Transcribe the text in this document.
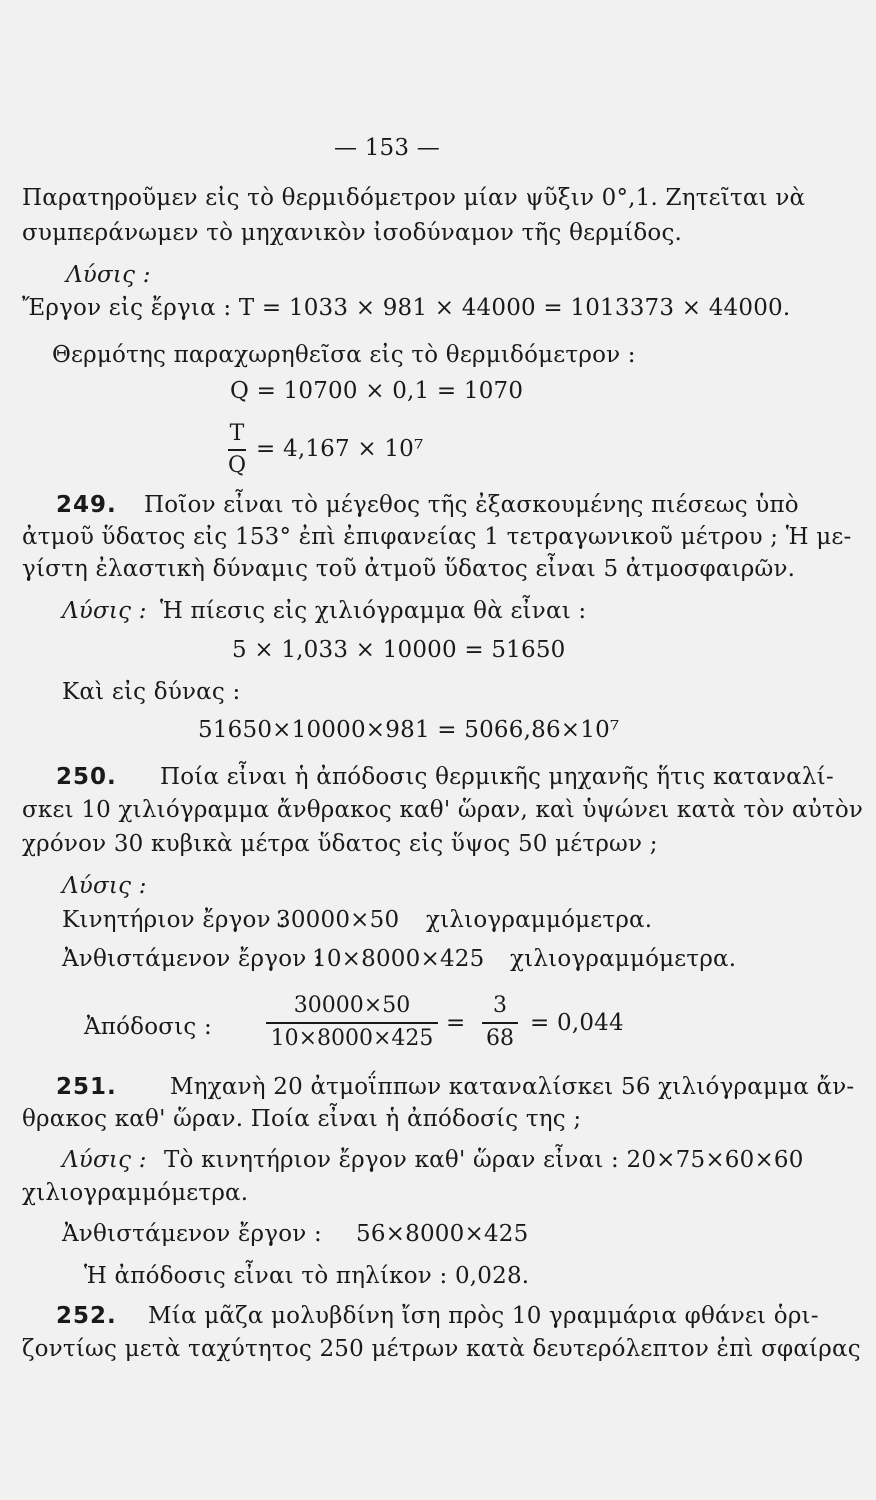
— 153 —
Παρατηροῦμεν εἰς τὸ θερμιδόμετρον μίαν ψῦξιν 0°,1. Ζητεῖται νὰ
συμπεράνωμεν τὸ μηχανικὸν ἰσοδύναμον τῆς θερμίδος.
Λύσις :
Ἔργον εἰς ἔργια : T = 1033 × 981 × 44000 = 1013373 × 44000.
Θερμότης παραχωρηθεῖσα εἰς τὸ θερμιδόμετρον :
Q = 10700 × 0,1 = 1070
T
Q
= 4,167 × 10⁷
249. Ποῖον εἶναι τὸ μέγεθος τῆς ἐξασκουμένης πιέσεως ὑπὸ
ἀτμοῦ ὕδατος εἰς 153° ἐπὶ ἐπιφανείας 1 τετραγωνικοῦ μέτρου ; Ἡ με-
γίστη ἐλαστικὴ δύναμις τοῦ ἀτμοῦ ὕδατος εἶναι 5 ἀτμοσφαιρῶν.
Λύσις : Ἡ πίεσις εἰς χιλιόγραμμα θὰ εἶναι :
5 × 1,033 × 10000 = 51650
Καὶ εἰς δύνας :
51650×10000×981 = 5066,86×10⁷
250. Ποία εἶναι ἡ ἀπόδοσις θερμικῆς μηχανῆς ἥτις καταναλί-
σκει 10 χιλιόγραμμα ἄνθρακος καθ' ὥραν, καὶ ὑψώνει κατὰ τὸν αὐτὸν
χρόνον 30 κυβικὰ μέτρα ὕδατος εἰς ὕψος 50 μέτρων ;
Λύσις :
Κινητήριον ἔργον :
30000×50 χιλιογραμμόμετρα.
Ἀνθιστάμενον ἔργον :
10×8000×425 χιλιογραμμόμετρα.
Ἀπόδοσις :
30000×50
10×8000×425
=
3
68
= 0,044
251. Μηχανὴ 20 ἀτμοΐππων καταναλίσκει 56 χιλιόγραμμα ἄν-
θρακος καθ' ὥραν. Ποία εἶναι ἡ ἀπόδοσίς της ;
Λύσις : Τὸ κινητήριον ἔργον καθ' ὥραν εἶναι : 20×75×60×60
χιλιογραμμόμετρα.
Ἀνθιστάμενον ἔργον : 56×8000×425
Ἡ ἀπόδοσις εἶναι τὸ πηλίκον : 0,028.
252. Μία μᾶζα μολυβδίνη ἴση πρὸς 10 γραμμάρια φθάνει ὁρι-
ζοντίως μετὰ ταχύτητος 250 μέτρων κατὰ δευτερόλεπτον ἐπὶ σφαίρας
